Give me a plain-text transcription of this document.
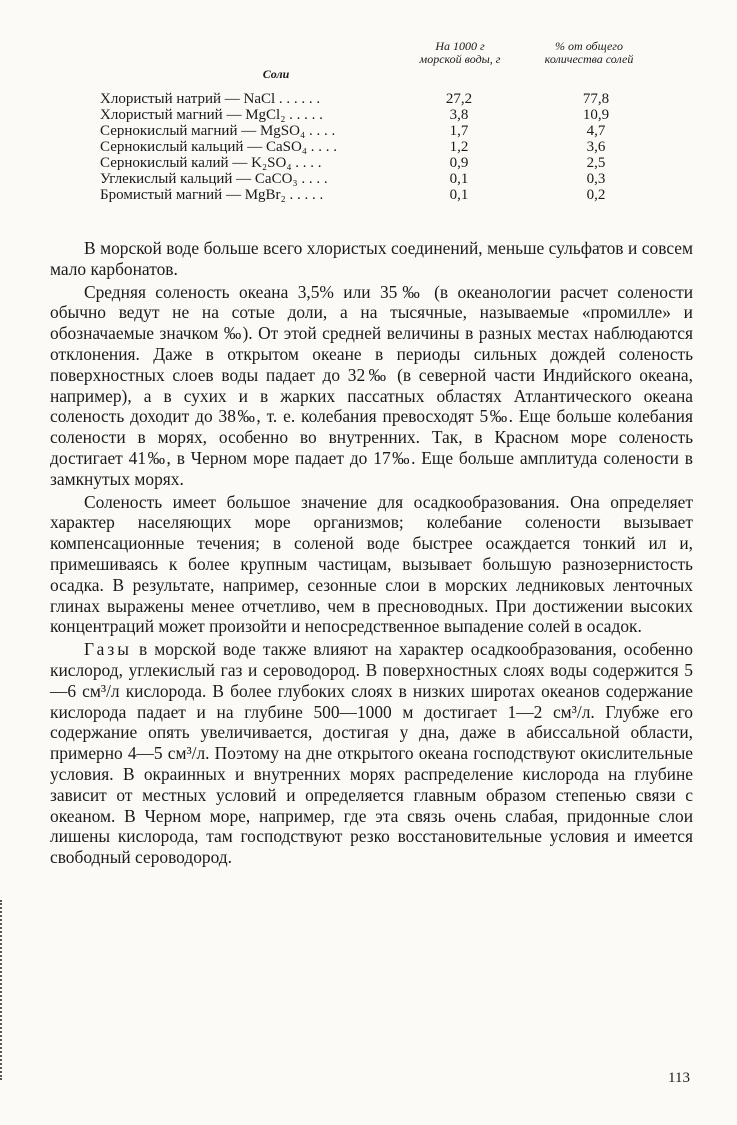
Соли
На 1000 г морской воды, г
% от общего количества солей
Хлористый натрий — NaCl . . . . . .	27,2	77,8
Хлористый магний — MgCl₂ . . . . .	3,8	10,9
Сернокислый магний — MgSO₄ . . . .	1,7	4,7
Сернокислый кальций — CaSO₄ . . . .	1,2	3,6
Сернокислый калий — K₂SO₄ . . . .	0,9	2,5
Углекислый кальций — CaCO₃ . . . .	0,1	0,3
Бромистый магний — MgBr₂ . . . . .	0,1	0,2

В морской воде больше всего хлористых соединений, меньше сульфатов и совсем мало карбонатов.

Средняя соленость океана 3,5% или 35‰ (в океанологии расчет солености обычно ведут не на сотые доли, а на тысячные, называемые «промилле» и обозначаемые значком ‰). От этой средней величины в разных местах наблюдаются отклонения. Даже в открытом океане в периоды сильных дождей соленость поверхностных слоев воды падает до 32‰ (в северной части Индийского океана, например), а в сухих и в жарких пассатных областях Атлантического океана соленость доходит до 38‰, т. е. колебания превосходят 5‰. Еще больше колебания солености в морях, особенно во внутренних. Так, в Красном море соленость достигает 41‰, в Черном море падает до 17‰. Еще больше амплитуда солености в замкнутых морях.

Соленость имеет большое значение для осадкообразования. Она определяет характер населяющих море организмов; колебание солености вызывает компенсационные течения; в соленой воде быстрее осаждается тонкий ил и, примешиваясь к более крупным частицам, вызывает большую разнозернистость осадка. В результате, например, сезонные слои в морских ледниковых ленточных глинах выражены менее отчетливо, чем в пресноводных. При достижении высоких концентраций может произойти и непосредственное выпадение солей в осадок.

Газы в морской воде также влияют на характер осадкообразования, особенно кислород, углекислый газ и сероводород. В поверхностных слоях воды содержится 5—6 см³/л кислорода. В более глубоких слоях в низких широтах океанов содержание кислорода падает и на глубине 500—1000 м достигает 1—2 см³/л. Глубже его содержание опять увеличивается, достигая у дна, даже в абиссальной области, примерно 4—5 см³/л. Поэтому на дне открытого океана господствуют окислительные условия. В окраинных и внутренних морях распределение кислорода на глубине зависит от местных условий и определяется главным образом степенью связи с океаном. В Черном море, например, где эта связь очень слабая, придонные слои лишены кислорода, там господствуют резко восстановительные условия и имеется свободный сероводород.

113
